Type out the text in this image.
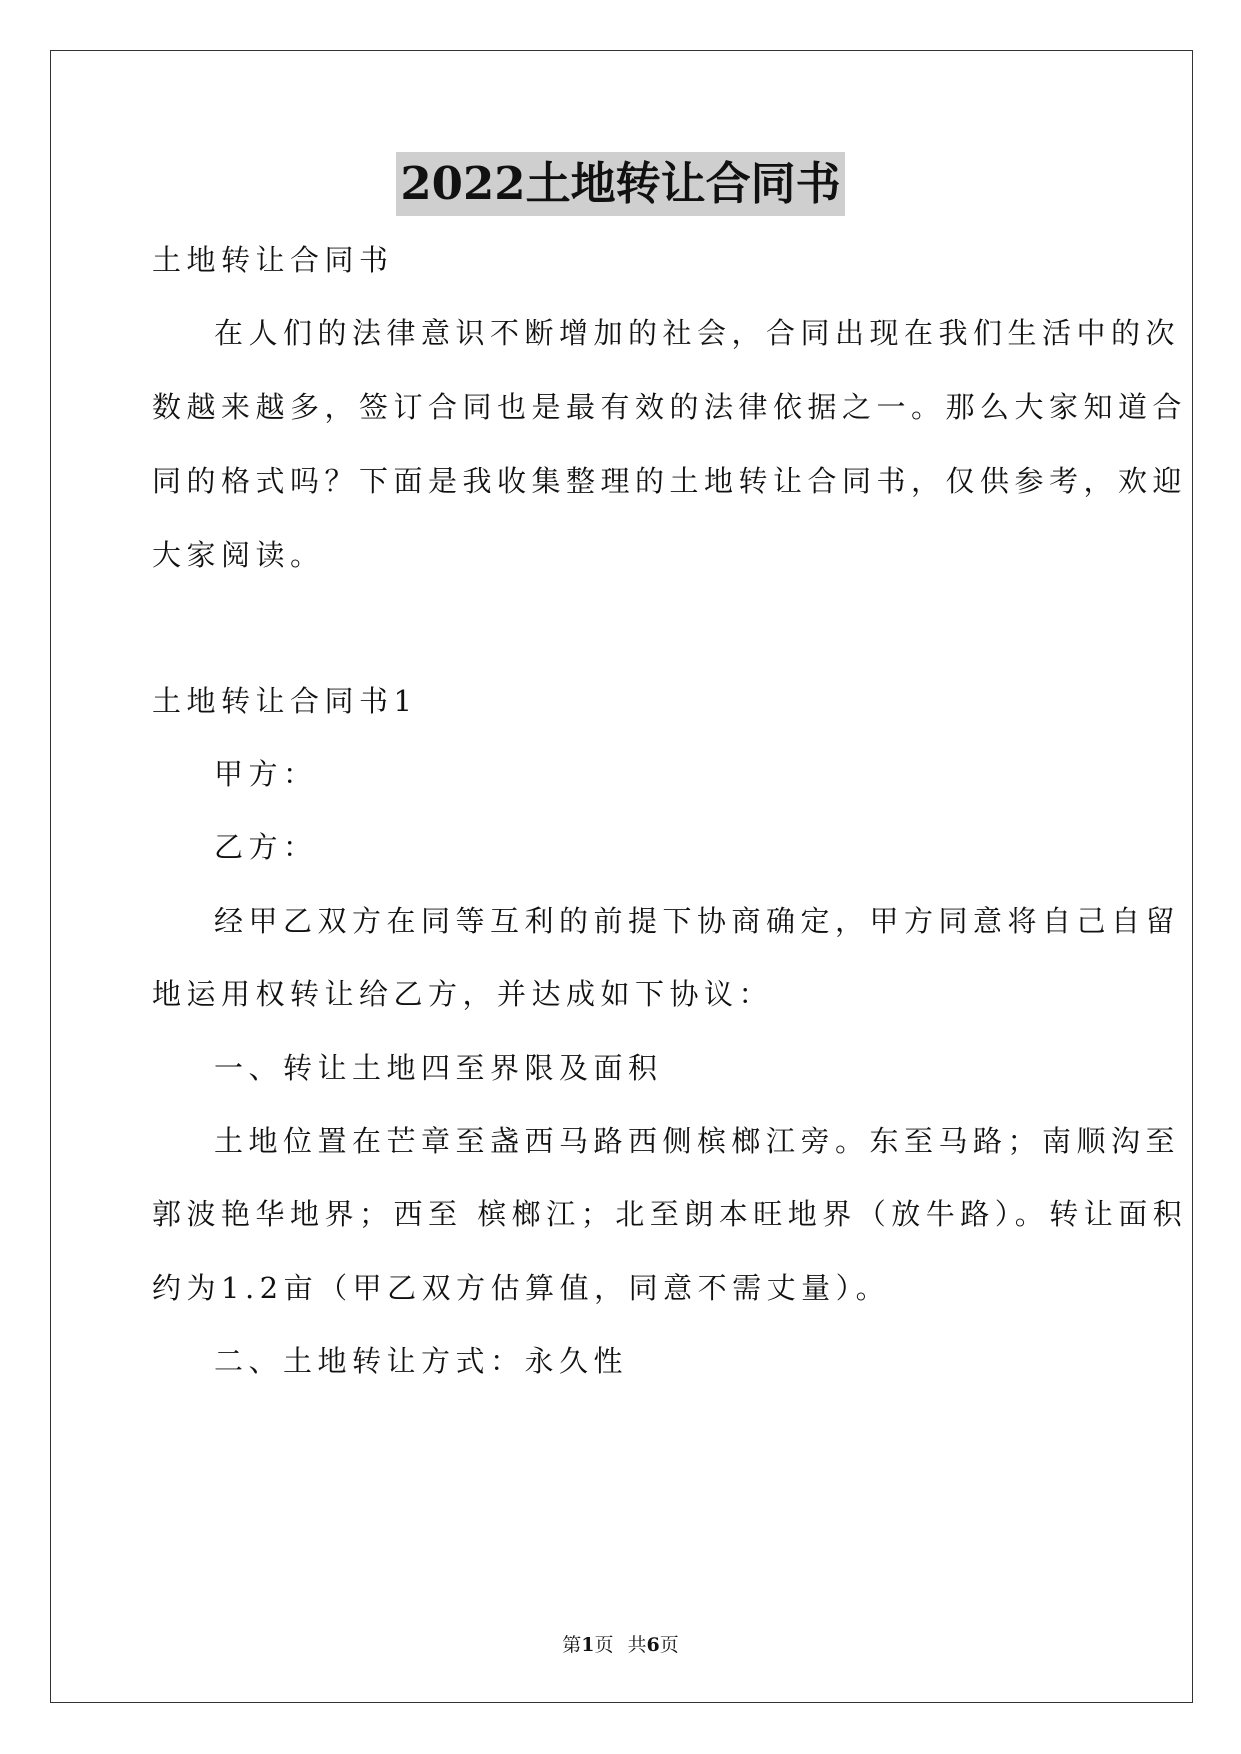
2022土地转让合同书
土地转让合同书
在人们的法律意识不断增加的社会，合同出现在我们生活中的次
数越来越多，签订合同也是最有效的法律依据之一。那么大家知道合
同的格式吗？下面是我收集整理的土地转让合同书，仅供参考，欢迎
大家阅读。
土地转让合同书1
甲方：
乙方：
经甲乙双方在同等互利的前提下协商确定，甲方同意将自己自留
地运用权转让给乙方，并达成如下协议：
一、转让土地四至界限及面积
土地位置在芒章至盏西马路西侧槟榔江旁。东至马路；南顺沟至
郭波艳华地界；西至 槟榔江；北至朗本旺地界（放牛路）。转让面积
约为1.2亩（甲乙双方估算值，同意不需丈量）。
二、土地转让方式：永久性
第1页 共6页
